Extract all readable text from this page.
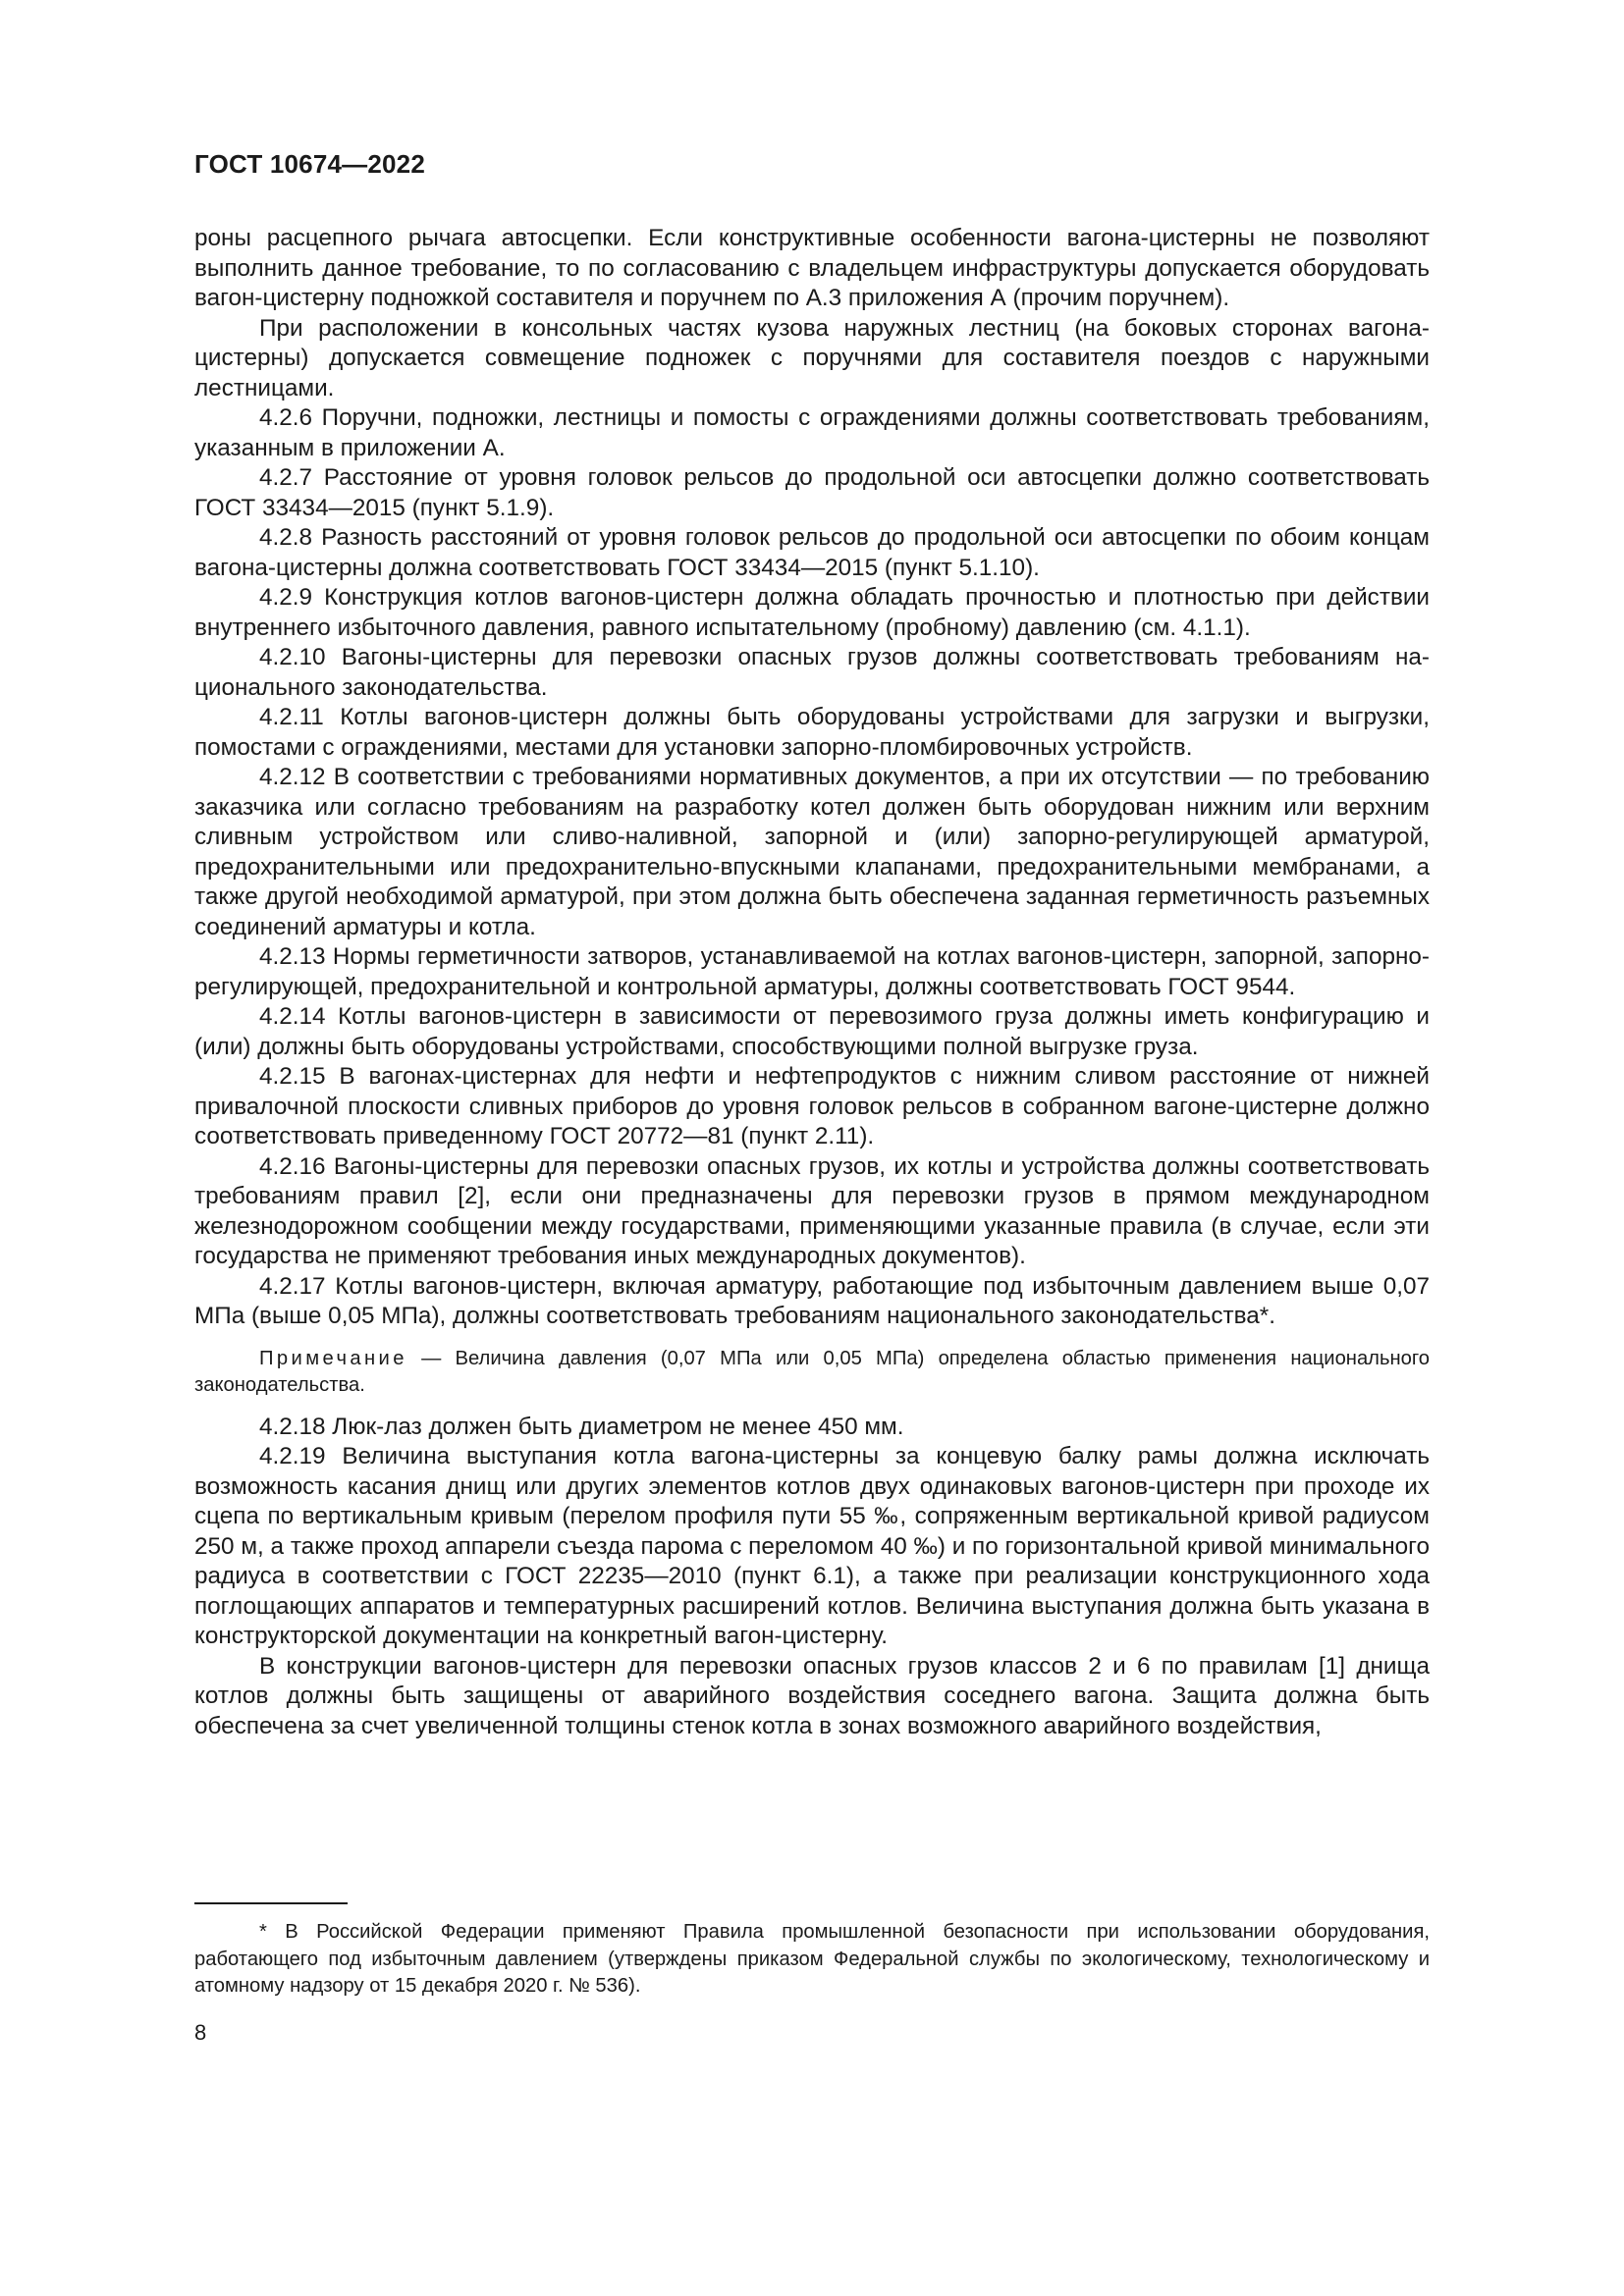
ГОСТ 10674—2022

роны расцепного рычага автосцепки. Если конструктивные особенности вагона-цистерны не позволяют выполнить данное требование, то по согласованию с владельцем инфраструктуры допускается оборудовать вагон-цистерну подножкой составителя и поручнем по А.3 приложения А (прочим поручнем).

При расположении в консольных частях кузова наружных лестниц (на боковых сторонах вагона-цистерны) допускается совмещение подножек с поручнями для составителя поездов с наружными лестницами.

4.2.6 Поручни, подножки, лестницы и помосты с ограждениями должны соответствовать требованиям, указанным в приложении А.

4.2.7 Расстояние от уровня головок рельсов до продольной оси автосцепки должно соответствовать ГОСТ 33434—2015 (пункт 5.1.9).

4.2.8 Разность расстояний от уровня головок рельсов до продольной оси автосцепки по обоим концам вагона-цистерны должна соответствовать ГОСТ 33434—2015 (пункт 5.1.10).

4.2.9 Конструкция котлов вагонов-цистерн должна обладать прочностью и плотностью при действии внутреннего избыточного давления, равного испытательному (пробному) давлению (см. 4.1.1).

4.2.10 Вагоны-цистерны для перевозки опасных грузов должны соответствовать требованиям национального законодательства.

4.2.11 Котлы вагонов-цистерн должны быть оборудованы устройствами для загрузки и выгрузки, помостами с ограждениями, местами для установки запорно-пломбировочных устройств.

4.2.12 В соответствии с требованиями нормативных документов, а при их отсутствии — по требованию заказчика или согласно требованиям на разработку котел должен быть оборудован нижним или верхним сливным устройством или сливо-наливной, запорной и (или) запорно-регулирующей арматурой, предохранительными или предохранительно-впускными клапанами, предохранительными мембранами, а также другой необходимой арматурой, при этом должна быть обеспечена заданная герметичность разъемных соединений арматуры и котла.

4.2.13 Нормы герметичности затворов, устанавливаемой на котлах вагонов-цистерн, запорной, запорно-регулирующей, предохранительной и контрольной арматуры, должны соответствовать ГОСТ 9544.

4.2.14 Котлы вагонов-цистерн в зависимости от перевозимого груза должны иметь конфигурацию и (или) должны быть оборудованы устройствами, способствующими полной выгрузке груза.

4.2.15 В вагонах-цистернах для нефти и нефтепродуктов с нижним сливом расстояние от нижней привалочной плоскости сливных приборов до уровня головок рельсов в собранном вагоне-цистерне должно соответствовать приведенному ГОСТ 20772—81 (пункт 2.11).

4.2.16 Вагоны-цистерны для перевозки опасных грузов, их котлы и устройства должны соответствовать требованиям правил [2], если они предназначены для перевозки грузов в прямом международном железнодорожном сообщении между государствами, применяющими указанные правила (в случае, если эти государства не применяют требования иных международных документов).

4.2.17 Котлы вагонов-цистерн, включая арматуру, работающие под избыточным давлением выше 0,07 МПа (выше 0,05 МПа), должны соответствовать требованиям национального законодательства*.

Примечание — Величина давления (0,07 МПа или 0,05 МПа) определена областью применения национального законодательства.

4.2.18 Люк-лаз должен быть диаметром не менее 450 мм.

4.2.19 Величина выступания котла вагона-цистерны за концевую балку рамы должна исключать возможность касания днищ или других элементов котлов двух одинаковых вагонов-цистерн при проходе их сцепа по вертикальным кривым (перелом профиля пути 55 ‰, сопряженным вертикальной кривой радиусом 250 м, а также проход аппарели съезда парома с переломом 40 ‰) и по горизонтальной кривой минимального радиуса в соответствии с ГОСТ 22235—2010 (пункт 6.1), а также при реализации конструкционного хода поглощающих аппаратов и температурных расширений котлов. Величина выступания должна быть указана в конструкторской документации на конкретный вагон-цистерну.

В конструкции вагонов-цистерн для перевозки опасных грузов классов 2 и 6 по правилам [1] днища котлов должны быть защищены от аварийного воздействия соседнего вагона. Защита должна быть обеспечена за счет увеличенной толщины стенок котла в зонах возможного аварийного воздействия,

* В Российской Федерации применяют Правила промышленной безопасности при использовании оборудования, работающего под избыточным давлением (утверждены приказом Федеральной службы по экологическому, технологическому и атомному надзору от 15 декабря 2020 г. № 536).

8
